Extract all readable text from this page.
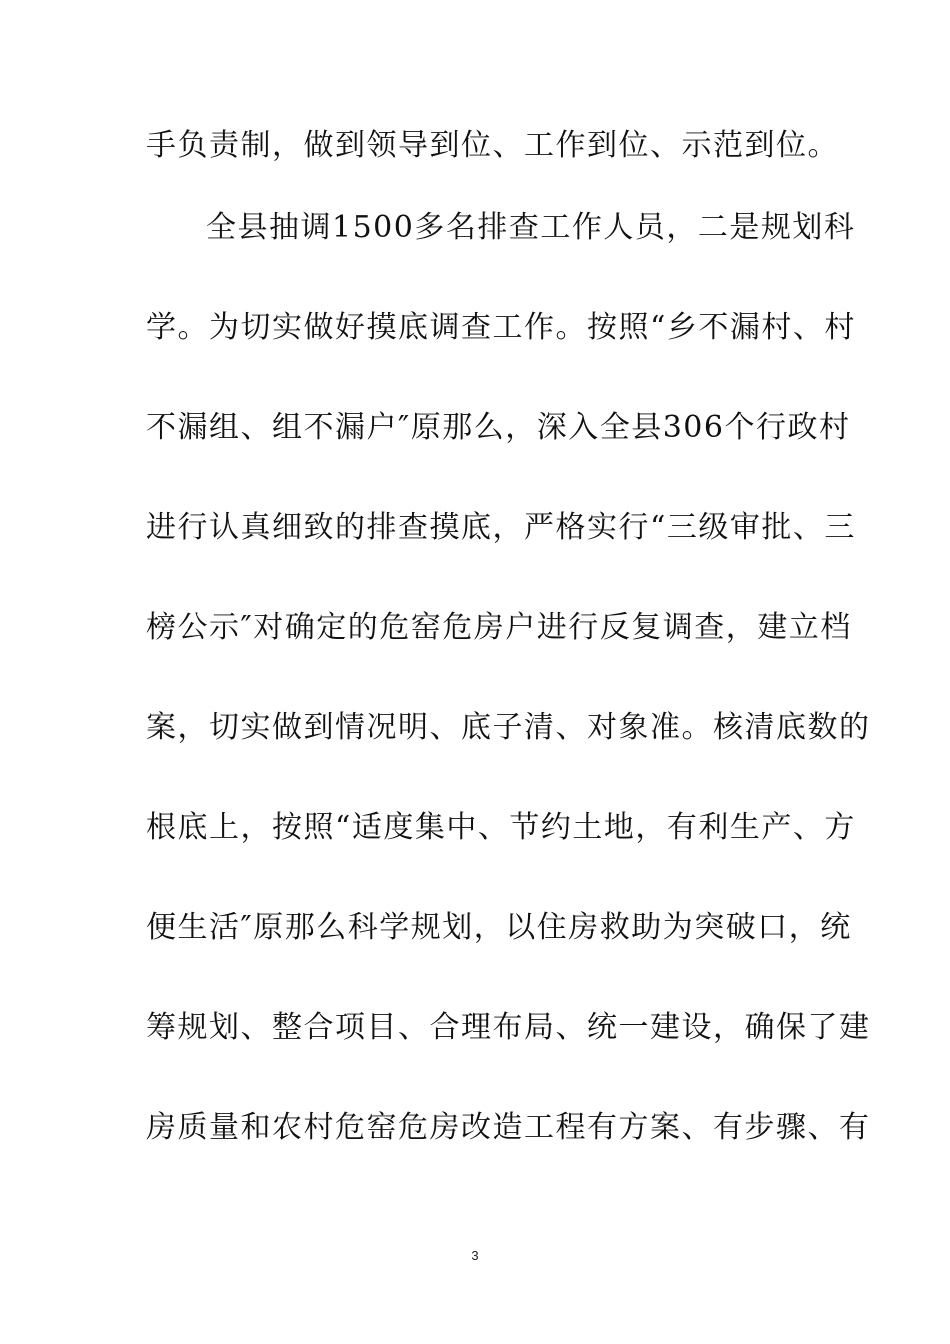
手负责制，做到领导到位、工作到位、示范到位。
全县抽调1500多名排查工作人员，二是规划科
学。为切实做好摸底调查工作。按照“乡不漏村、村
不漏组、组不漏户″原那么，深入全县306个行政村
进行认真细致的排查摸底，严格实行“三级审批、三
榜公示″对确定的危窑危房户进行反复调查，建立档
案，切实做到情况明、底子清、对象准。核清底数的
根底上，按照“适度集中、节约土地，有利生产、方
便生活″原那么科学规划，以住房救助为突破口，统
筹规划、整合项目、合理布局、统一建设，确保了建
房质量和农村危窑危房改造工程有方案、有步骤、有
3
